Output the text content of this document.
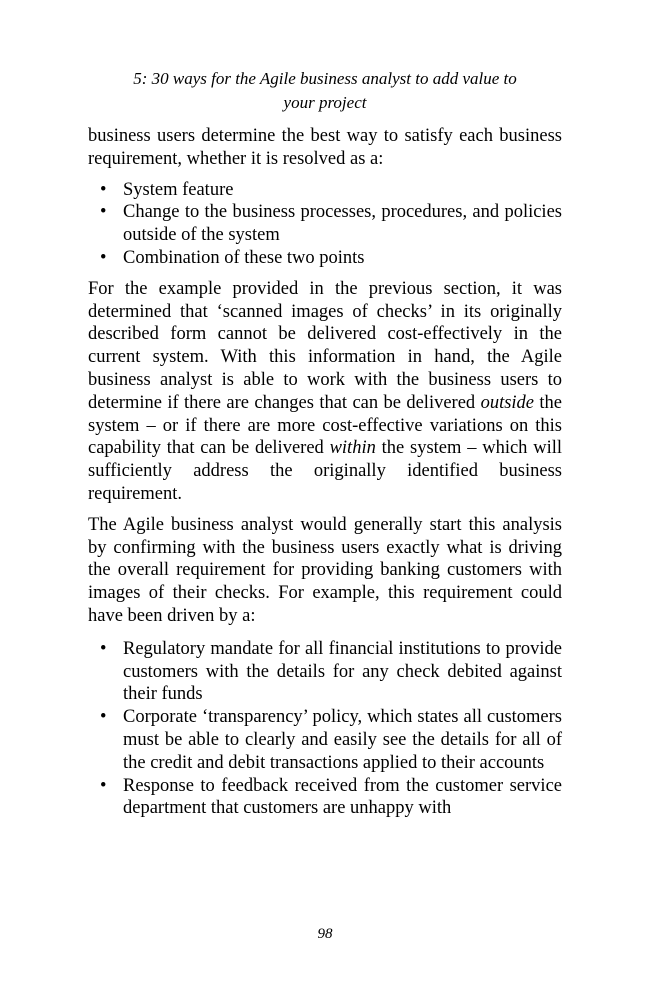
5: 30 ways for the Agile business analyst to add value to
your project

business users determine the best way to satisfy each business requirement, whether it is resolved as a:

• System feature
• Change to the business processes, procedures, and policies outside of the system
• Combination of these two points

For the example provided in the previous section, it was determined that ‘scanned images of checks’ in its originally described form cannot be delivered cost-effectively in the current system. With this information in hand, the Agile business analyst is able to work with the business users to determine if there are changes that can be delivered outside the system – or if there are more cost-effective variations on this capability that can be delivered within the system – which will sufficiently address the originally identified business requirement.

The Agile business analyst would generally start this analysis by confirming with the business users exactly what is driving the overall requirement for providing banking customers with images of their checks. For example, this requirement could have been driven by a:

• Regulatory mandate for all financial institutions to provide customers with the details for any check debited against their funds
• Corporate ‘transparency’ policy, which states all customers must be able to clearly and easily see the details for all of the credit and debit transactions applied to their accounts
• Response to feedback received from the customer service department that customers are unhappy with
98
